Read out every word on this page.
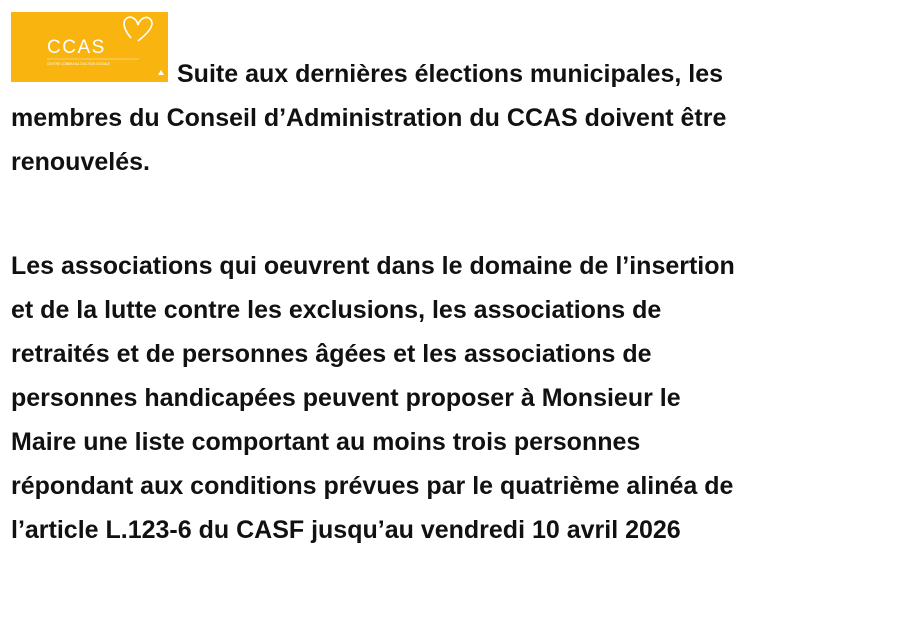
CCAS
CENTRE COMMUNAL D'ACTION SOCIALE	Suite aux dernières élections municipales, les
membres du Conseil d’Administration du CCAS doivent être
renouvelés.

Les associations qui oeuvrent dans le domaine de l’insertion
et de la lutte contre les exclusions, les associations de
retraités et de personnes âgées et les associations de
personnes handicapées peuvent proposer à Monsieur le
Maire une liste comportant au moins trois personnes
répondant aux conditions prévues par le quatrième alinéa de
l’article L.123-6 du CASF jusqu’au vendredi 10 avril 2026
